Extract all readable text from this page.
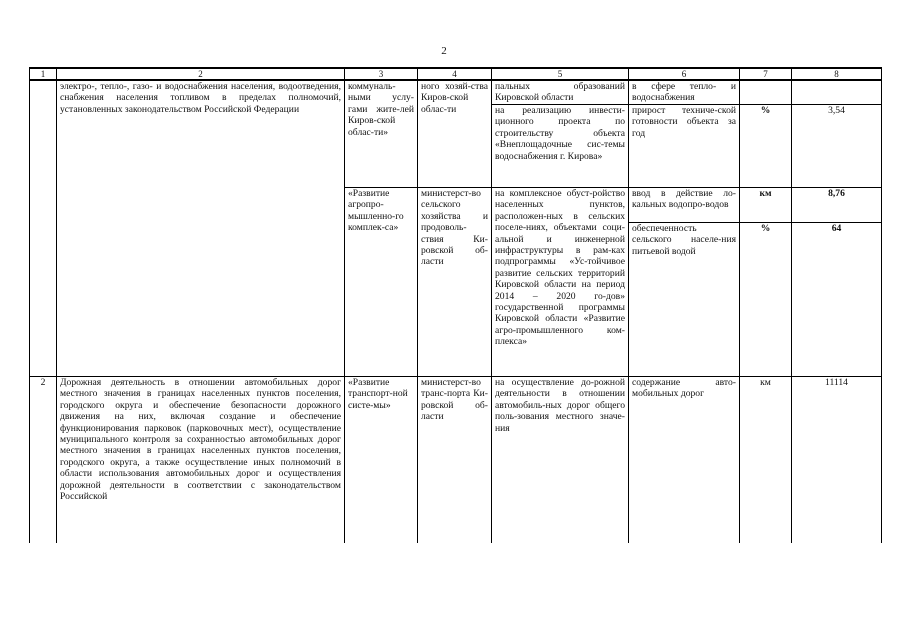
2
1	2	3	4	5	6	7	8
	электро-, тепло-, газо- и водоснабжения населения, водоотведения, снабжения населения топливом в пределах полномочий, установленных законодательством Российской Федерации	коммуналь-ными услу-гами жите-лей Киров-ской облас-ти»	ного хозяй-ства Киров-ской облас-ти	пальных образований Кировской области	в сфере тепло- и водоснабжения		
				на реализацию инвести-ционного проекта по строительству объекта «Внеплощадочные сис-темы водоснабжения г. Кирова»	прирост техниче-ской готовности объекта за год	%	3,54
		«Развитие агропро-мышленно-го комплек-са»	министерст-во сельского хозяйства и продоволь-ствия Ки-ровской об-ласти	на комплексное обуст-ройство населенных пунктов, расположен-ных в сельских поселе-ниях, объектами соци-альной и инженерной инфраструктуры в рам-ках подпрограммы «Ус-тойчивое развитие сельских территорий Кировской области на период 2014 – 2020 го-дов» государственной программы Кировской области «Развитие агро-промышленного ком-плекса»	ввод в действие ло-кальных водопро-водов	км	8,76
					обеспеченность сельского населе-ния питьевой водой	%	64
2	Дорожная деятельность в отношении автомобильных дорог местного значения в границах населенных пунктов поселения, городского округа и обеспечение безопасности дорожного движения на них, включая создание и обеспечение функционирования парковок (парковочных мест), осуществление муниципального контроля за сохранностью автомобильных дорог местного значения в границах населенных пунктов поселения, городского округа, а также осуществление иных полномочий в области использования автомобильных дорог и осуществления дорожной деятельности в соответствии с законодательством Российской	«Развитие транспорт-ной систе-мы»	министерст-во транс-порта Ки-ровской об-ласти	на осуществление до-рожной деятельности в отношении автомобиль-ных дорог общего поль-зования местного значе-ния	содержание авто-мобильных дорог	км	11114
